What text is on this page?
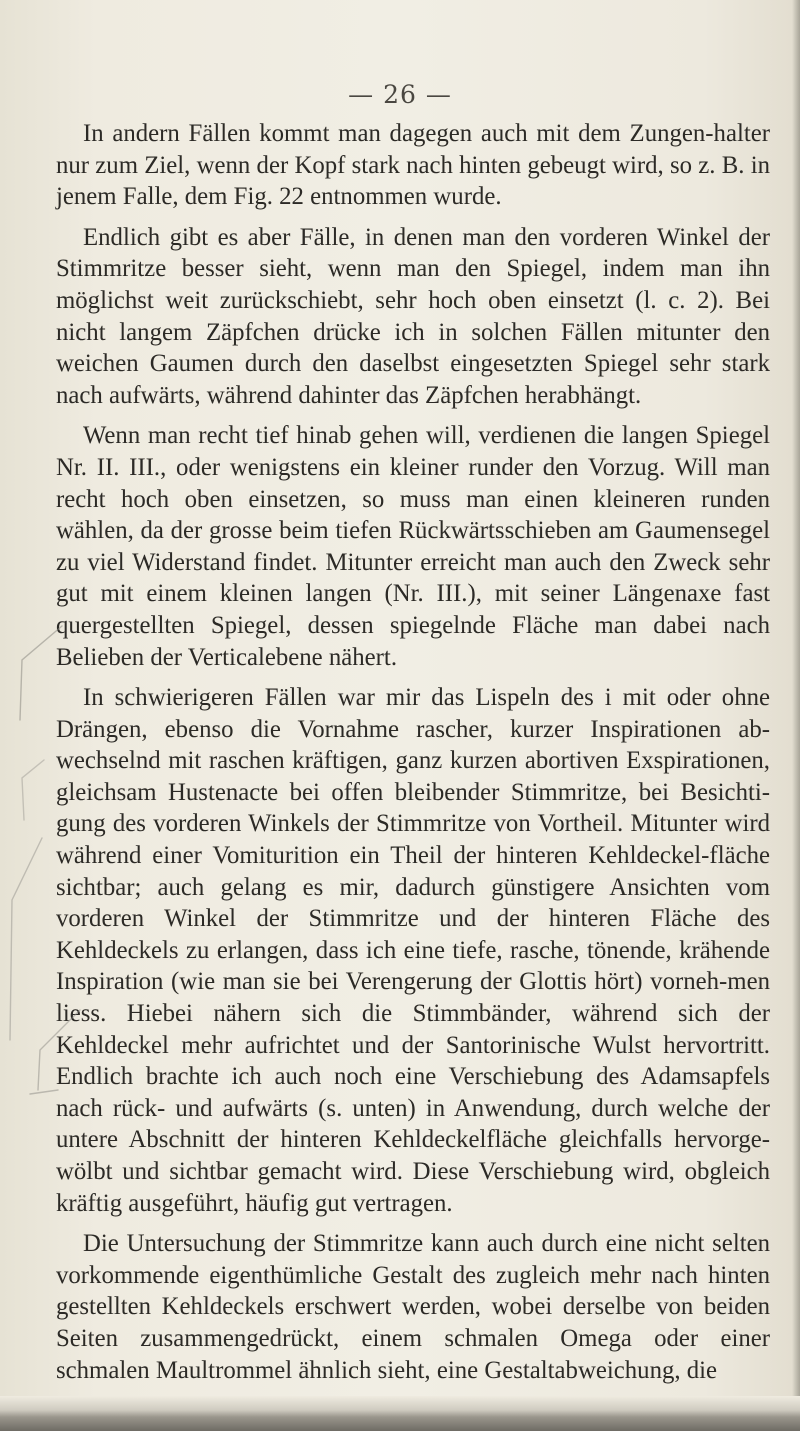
— 26 —

In andern Fällen kommt man dagegen auch mit dem Zungen-halter nur zum Ziel, wenn der Kopf stark nach hinten gebeugt wird, so z. B. in jenem Falle, dem Fig. 22 entnommen wurde.

Endlich gibt es aber Fälle, in denen man den vorderen Winkel der Stimmritze besser sieht, wenn man den Spiegel, indem man ihn möglichst weit zurückschiebt, sehr hoch oben einsetzt (l. c. 2). Bei nicht langem Zäpfchen drücke ich in solchen Fällen mitunter den weichen Gaumen durch den daselbst eingesetzten Spiegel sehr stark nach aufwärts, während dahinter das Zäpfchen herabhängt.

Wenn man recht tief hinab gehen will, verdienen die langen Spiegel Nr. II. III., oder wenigstens ein kleiner runder den Vorzug. Will man recht hoch oben einsetzen, so muss man einen kleineren runden wählen, da der grosse beim tiefen Rückwärtsschieben am Gaumensegel zu viel Widerstand findet. Mitunter erreicht man auch den Zweck sehr gut mit einem kleinen langen (Nr. III.), mit seiner Längenaxe fast quergestellten Spiegel, dessen spiegelnde Fläche man dabei nach Belieben der Verticalebene nähert.

In schwierigeren Fällen war mir das Lispeln des i mit oder ohne Drängen, ebenso die Vornahme rascher, kurzer Inspirationen ab-wechselnd mit raschen kräftigen, ganz kurzen abortiven Exspirationen, gleichsam Hustenacte bei offen bleibender Stimmritze, bei Besichti-gung des vorderen Winkels der Stimmritze von Vortheil. Mitunter wird während einer Vomiturition ein Theil der hinteren Kehldeckel-fläche sichtbar; auch gelang es mir, dadurch günstigere Ansichten vom vorderen Winkel der Stimmritze und der hinteren Fläche des Kehldeckels zu erlangen, dass ich eine tiefe, rasche, tönende, krähende Inspiration (wie man sie bei Verengerung der Glottis hört) vorneh-men liess. Hiebei nähern sich die Stimmbänder, während sich der Kehldeckel mehr aufrichtet und der Santorinische Wulst hervortritt. Endlich brachte ich auch noch eine Verschiebung des Adamsapfels nach rück- und aufwärts (s. unten) in Anwendung, durch welche der untere Abschnitt der hinteren Kehldeckelfläche gleichfalls hervorge-wölbt und sichtbar gemacht wird. Diese Verschiebung wird, obgleich kräftig ausgeführt, häufig gut vertragen.

Die Untersuchung der Stimmritze kann auch durch eine nicht selten vorkommende eigenthümliche Gestalt des zugleich mehr nach hinten gestellten Kehldeckels erschwert werden, wobei derselbe von beiden Seiten zusammengedrückt, einem schmalen Omega oder einer schmalen Maultrommel ähnlich sieht, eine Gestaltabweichung, die
